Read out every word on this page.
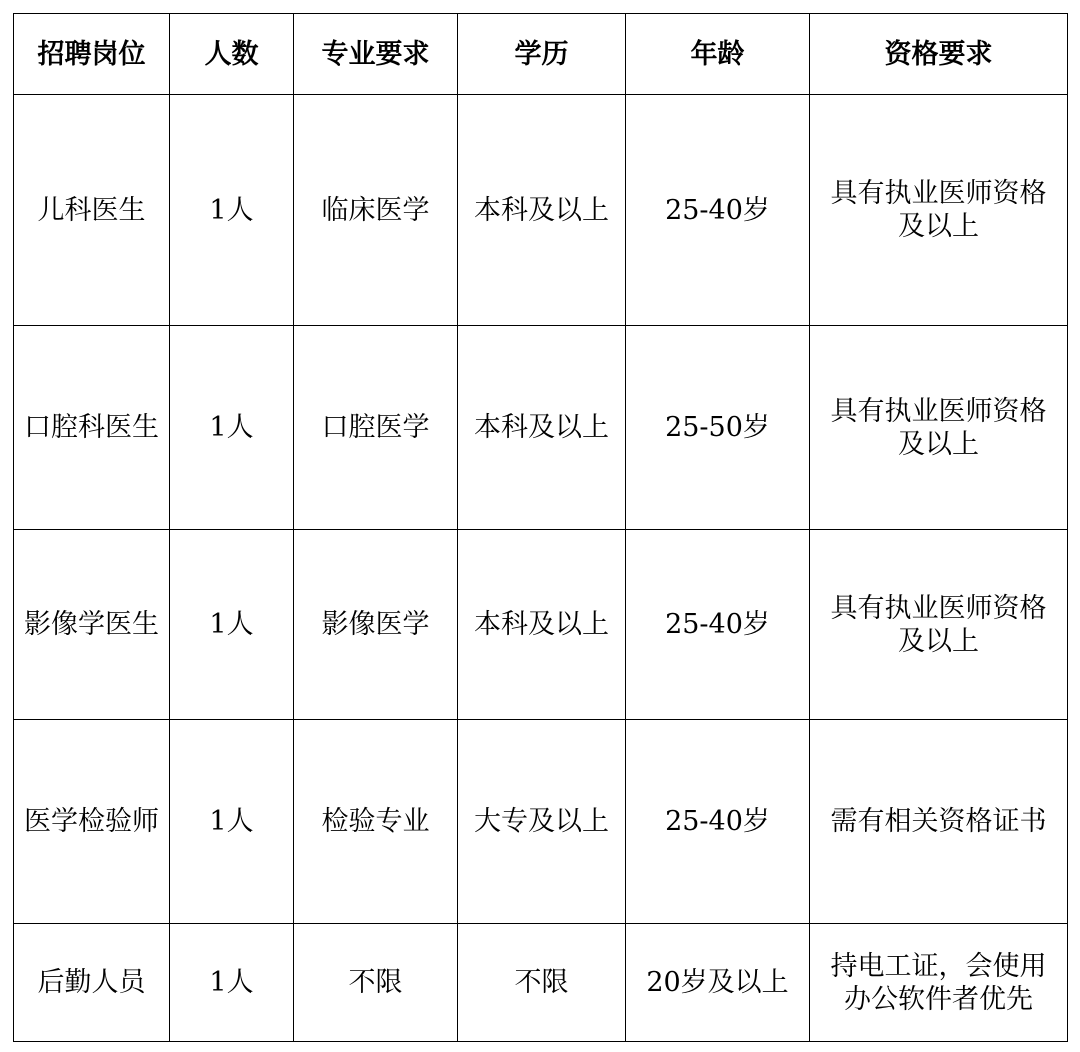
招聘岗位	人数	专业要求	学历	年龄	资格要求
儿科医生	1人	临床医学	本科及以上	25-40岁	具有执业医师资格
及以上

口腔科医生	1人	口腔医学	本科及以上	25-50岁	具有执业医师资格
及以上

影像学医生	1人	影像医学	本科及以上	25-40岁	具有执业医师资格
及以上

医学检验师	1人	检验专业	大专及以上	25-40岁	需有相关资格证书

后勤人员	1人	不限	不限	20岁及以上	持电工证，会使用
办公软件者优先
